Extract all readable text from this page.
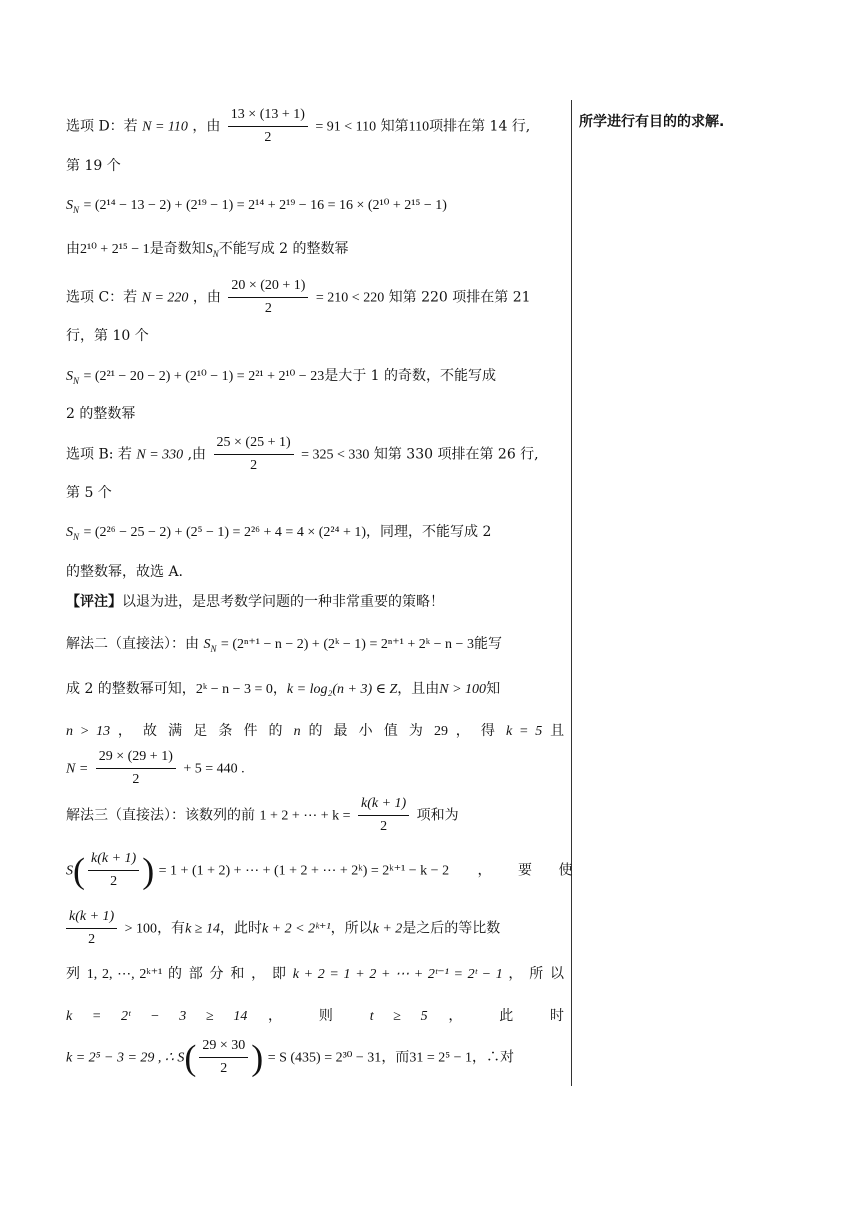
所学进行有目的的求解.
选项 D：若 N = 110 ，由 $\frac{13 \times (13 + 1)}{2} = 91 < 110$ 知第110项排在第 14 行,
第 19 个
$S_N = (2^{14} - 13 - 2) + (2^{19} - 1) = 2^{14} + 2^{19} - 16 = 16 \times (2^{10} + 2^{15} - 1)$
由2¹⁰ + 2¹⁵ − 1是奇数知$S_N$不能写成 2 的整数幂
选项 C：若 N = 220 ，由 $\frac{20 \times (20 + 1)}{2} = 210 < 220$ 知第 220 项排在第 21
行，第 10 个
$S_N = (2^{21} - 20 - 2) + (2^{10} - 1) = 2^{21} + 2^{10} - 23$是大于 1 的奇数，不能写成
2 的整数幂
选项 B: 若 N = 330 ,由 $\frac{25 \times (25 + 1)}{2} = 325 < 330$ 知第 330 项排在第 26 行,
第 5 个
$S_N = (2^{26} - 25 - 2) + (2^5 - 1) = 2^{26} + 4 = 4 \times (2^{24} + 1)$，同理，不能写成 2
的整数幂，故选 A.
【评注】以退为进，是思考数学问题的一种非常重要的策略！
解法二（直接法）：由 $S_N = (2^{n+1} - n - 2)$ + (2ᵏ − 1) = 2ⁿ⁺¹ + 2ᵏ − n − 3能写
成 2 的整数幂可知，2ᵏ − n − 3 = 0，k = log₂(n + 3) ∈ Z，且由N > 100知
n > 13 ， 故 满 足 条 件 的 n 的 最 小 值 为 29 ， 得 k = 5 且
$N = \frac{29 \times (29 + 1)}{2} + 5 = 440$ .
解法三（直接法）：该数列的前 1 + 2 + ⋯ + $k = \frac{k(k + 1)}{2}$ 项和为
$S( \frac{k(k + 1)}{2}$ ) = 1 + (1 + 2) + ⋯ + (1 + 2 + ⋯ + 2ᵏ) = 2ᵏ⁺¹ − k − 2 ， 要 使
$\frac{k(k + 1)}{2} > 100$，有k ≥ 14，此时k + 2 < 2ᵏ⁺¹，所以k + 2是之后的等比数
列 1, 2, ⋯, 2ᵏ⁺¹ 的 部 分 和 ， 即 k + 2 = 1 + 2 + ⋯ + 2ᵗ⁻¹ = 2ᵗ − 1 ， 所 以
k = 2ᵗ − 3 ≥ 14 ， 则 t ≥ 5 ， 此 时
k = 2⁵ − 3 = 29 , ∴ $S( \frac{29 \times 30}{2}$ ) = S (435) = 2³⁰ − 31，而31 = 2⁵ − 1，∴对
